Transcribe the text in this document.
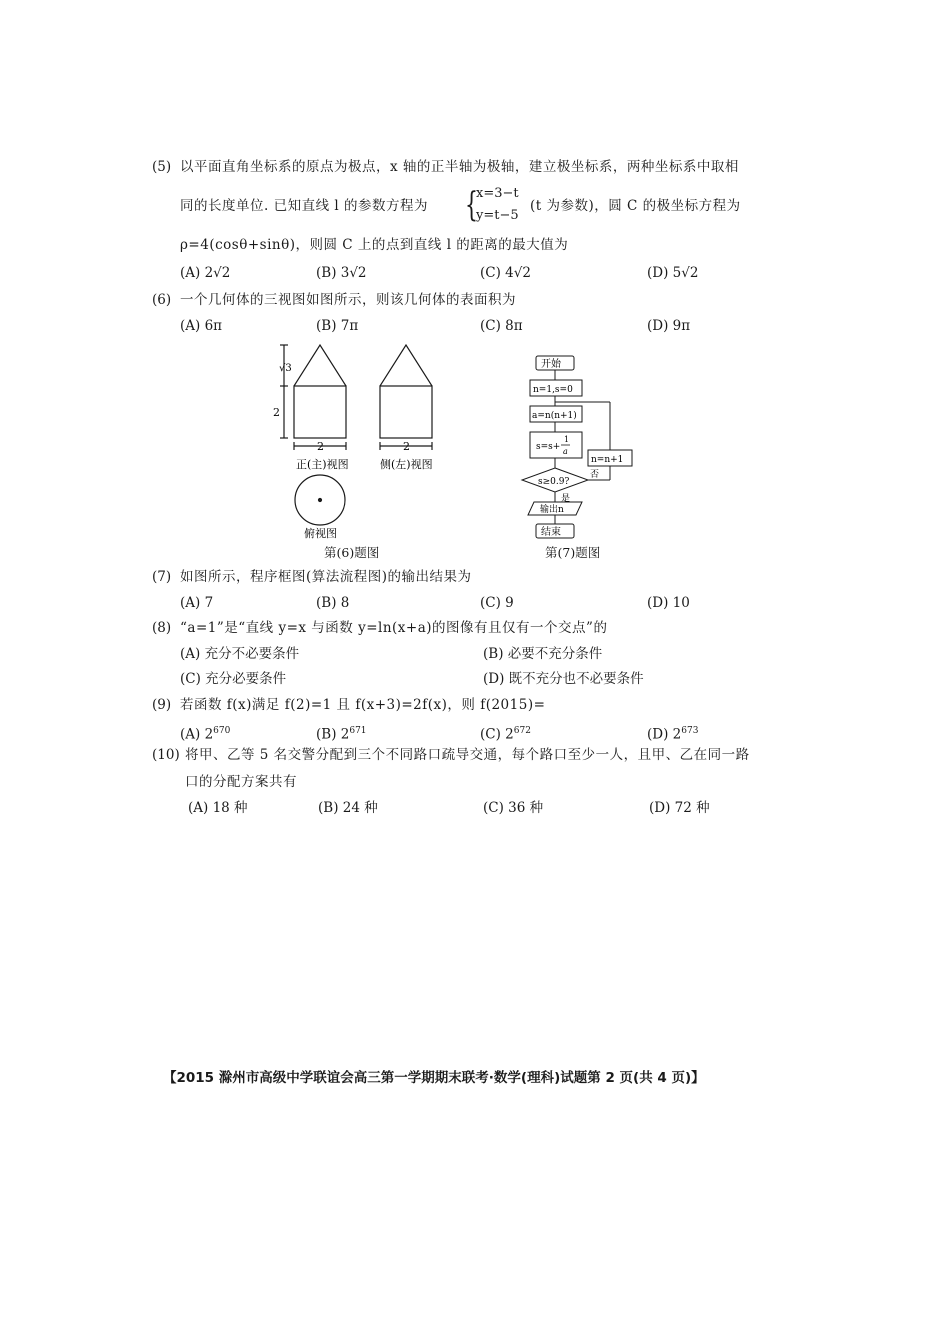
(5) 以平面直角坐标系的原点为极点，x 轴的正半轴为极轴，建立极坐标系，两种坐标系中取相
同的长度单位. 已知直线 l 的参数方程为 {
x=3−t
y=t−5
(t 为参数)，圆 C 的极坐标方程为
ρ=4(cosθ+sinθ)，则圆 C 上的点到直线 l 的距离的最大值为
(A) 2√2	(B) 3√2	(C) 4√2	(D) 5√2
(6) 一个几何体的三视图如图所示，则该几何体的表面积为
(A) 6π	(B) 7π	(C) 8π	(D) 9π
√3
2
2	2
正(主)视图	侧(左)视图
俯视图
第(6)题图
开始
n=1,s=0
a=n(n+1)
s=s+
1
a
s≥0.9?
是
否
n=n+1
输出n
结束
第(7)题图
(7) 如图所示，程序框图(算法流程图)的输出结果为
(A) 7	(B) 8	(C) 9	(D) 10
(8) “a=1”是“直线 y=x 与函数 y=ln(x+a)的图像有且仅有一个交点”的
(A) 充分不必要条件	(B) 必要不充分条件
(C) 充分必要条件	(D) 既不充分也不必要条件
(9) 若函数 f(x)满足 f(2)=1 且 f(x+3)=2f(x)，则 f(2015)=
(A) $2^{670}$	(B) $2^{671}$	(C) $2^{672}$	(D) $2^{673}$
(10) 将甲、乙等 5 名交警分配到三个不同路口疏导交通，每个路口至少一人，且甲、乙在同一路
口的分配方案共有
(A) 18 种	(B) 24 种	(C) 36 种	(D) 72 种
【2015 滁州市高级中学联谊会高三第一学期期末联考·数学(理科)试题第 2 页(共 4 页)】
